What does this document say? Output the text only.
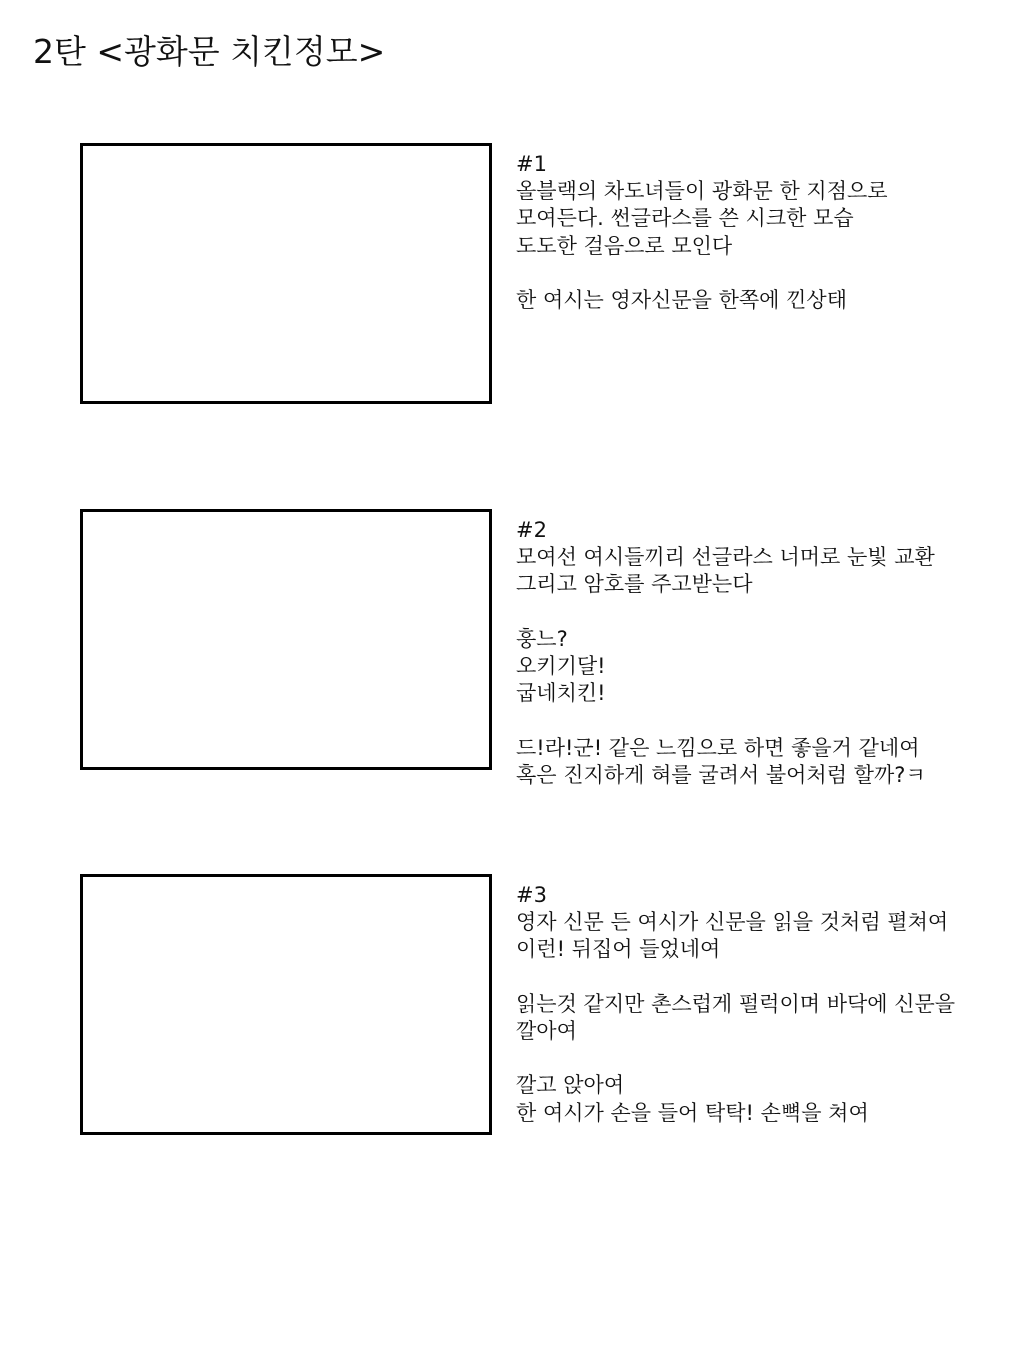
2탄 <광화문 치킨정모>
#1
올블랙의 차도녀들이 광화문 한 지점으로
모여든다. 썬글라스를 쓴 시크한 모습
도도한 걸음으로 모인다
한 여시는 영자신문을 한쪽에 낀상태
#2
모여선 여시들끼리 선글라스 너머로 눈빛 교환
그리고 암호를 주고받는다
훙느?
오키기달!
굽네치킨!
드!라!군! 같은 느낌으로 하면 좋을거 같네여
혹은 진지하게 혀를 굴려서 불어처럼 할까?ㅋ
#3
영자 신문 든 여시가 신문을 읽을 것처럼 펼쳐여
이런! 뒤집어 들었네여
읽는것 같지만 촌스럽게 펄럭이며 바닥에 신문을
깔아여
깔고 앉아여
한 여시가 손을 들어 탁탁! 손뼉을 쳐여
